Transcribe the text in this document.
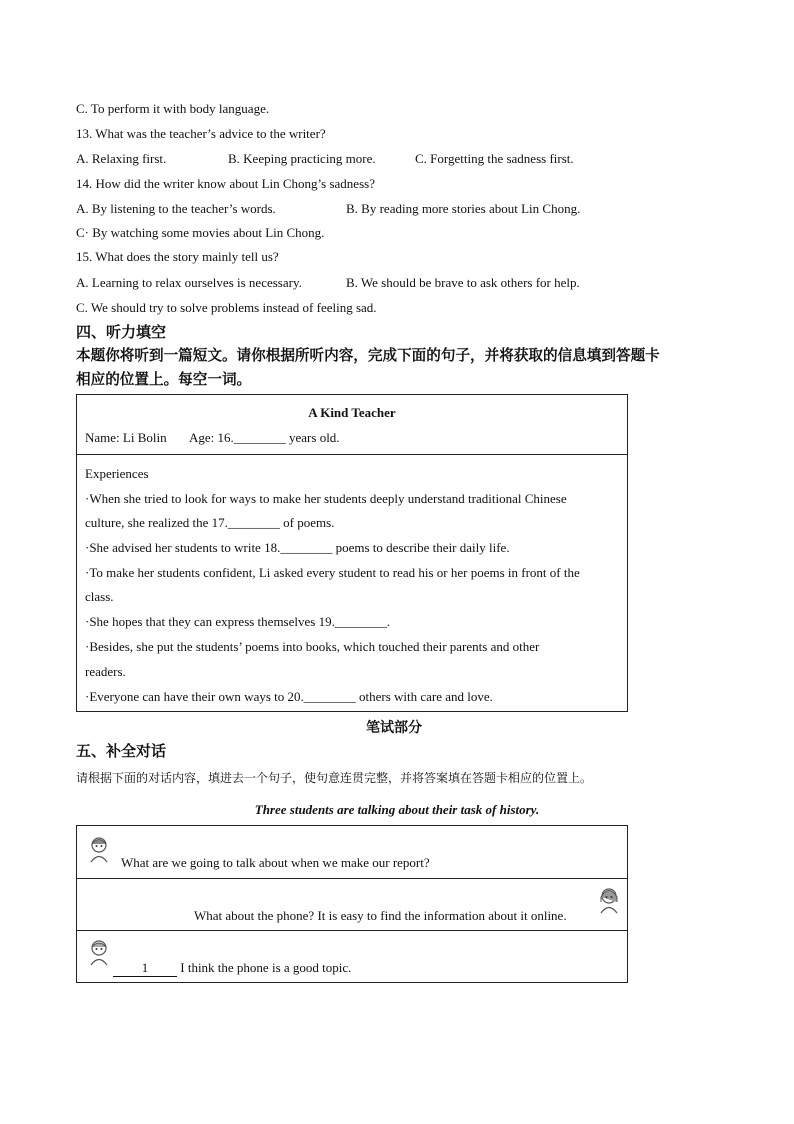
C. To perform it with body language.
13. What was the teacher’s advice to the writer?
A. Relaxing first.	B. Keeping practicing more.	C. Forgetting the sadness first.
14. How did the writer know about Lin Chong’s sadness?
A. By listening to the teacher’s words.	B. By reading more stories about Lin Chong.
C· By watching some movies about Lin Chong.
15. What does the story mainly tell us?
A. Learning to relax ourselves is necessary.	B. We should be brave to ask others for help.
C. We should try to solve problems instead of feeling sad.
四、听力填空
本题你将听到一篇短文。请你根据所听内容，完成下面的句子，并将获取的信息填到答题卡
相应的位置上。每空一词。
A Kind Teacher
Name: Li Bolin Age: 16.________ years old.
Experiences
·When she tried to look for ways to make her students deeply understand traditional Chinese
culture, she realized the 17.________ of poems.
·She advised her students to write 18.________ poems to describe their daily life.
·To make her students confident, Li asked every student to read his or her poems in front of the
class.
·She hopes that they can express themselves 19.________.
·Besides, she put the students’ poems into books, which touched their parents and other
readers.
·Everyone can have their own ways to 20.________ others with care and love.
笔试部分
五、补全对话
请根据下面的对话内容，填进去一个句子，使句意连贯完整，并将答案填在答题卡相应的位置上。
Three students are talking about their task of history.
What are we going to talk about when we make our report?
What about the phone? It is easy to find the information about it online.
1 I think the phone is a good topic.
